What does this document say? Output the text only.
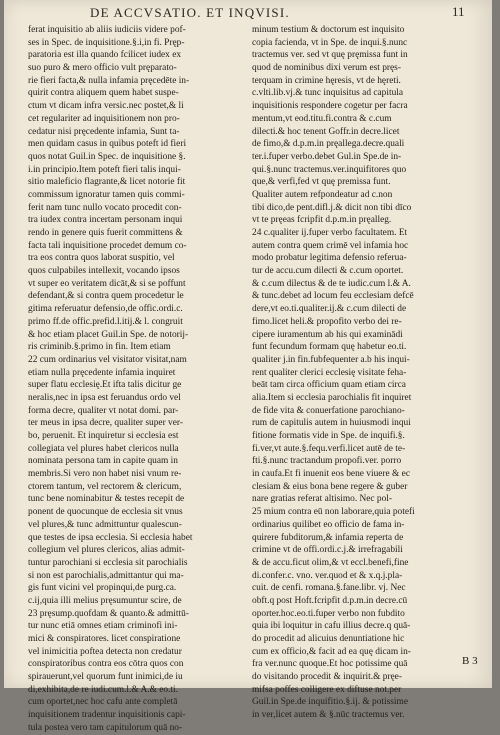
DE ACCVSATIO. ET INQVISI.	11
ferat inquisitio ab aliis iudiciis videre pof-
ses in Spec. de inquisitione.§.i,in fi. Pręp-
paratoria est illa quando fcilicet iudex ex
suo puro & mero officio vult pręparato-
rie fieri facta,& nulla infamia pręcedēte in-
quirit contra aliquem quem habet suspe-
ctum vt dicam infra versic.nec postet,& li
cet regulariter ad inquisitionem non pro-
cedatur nisi pręcedente infamia, Sunt ta-
men quidam casus in quibus poteft id fieri
quos notat Guil.in Spec. de inquisitione §.
i.in principio.Item poteft fieri talis inqui-
sitio maleficio flagrante,& licet notorie fit
commissum ignoratur tamen quis commi-
ferit nam tunc nullo vocato procedit con-
tra iudex contra incertam personam inqui
rendo in genere quis fuerit committens &
facta tali inquisitione procedet demum co-
tra eos contra quos laborat suspitio, vel
quos culpabiles intellexit, vocando ipsos
vt super eo veritatem dicāt,& si se poffunt
defendant,& si contra quem procedetur le
gitima referuatur defensio,de offic.ordi.c.
primo ff.de offic.prefid.l.itij.& l. congruit
& hoc etiam placet Guil.in Spe. de notorij-
ris criminib.§.primo in fin. Item etiam
22 cum ordinarius vel visitator visitat,nam
etiam nulla pręcedente infamia inquiret
super flatu ecclesię.Et ifta talis dicitur ge
neralis,nec in ipsa est feruandus ordo vel
forma decre, qualiter vt notat domi. par-
ter meus in ipsa decre, qualiter super ver-
bo, peruenit. Et inquiretur si ecclesia est
collegiata vel plures habet clericos nulla
nominata persona tam in capite quam in
membris.Si vero non habet nisi vnum re-
ctorem tantum, vel rectorem & clericum,
tunc bene nominabitur & testes recepit de
ponent de quocunque de ecclesia sit vnus
vel plures,& tunc admittuntur qualescun-
que testes de ipsa ecclesia. Si ecclesia habet
collegium vel plures clericos, alias admit-
tuntur parochiani si ecclesia sit parochialis
si non est parochialis,admittantur qui ma-
gis funt vicini vel propinqui,de purg.ca.
c.ij,quia illi melius pręsumuntur scire, de
23 pręsump.quofdam & quanto.& admittū-
tur nunc etiā omnes etiam criminofi ini-
mici & conspiratores. licet conspiratione
vel inimicitia poftea detecta non credatur
conspiratoribus contra eos cōtra quos con
spirauerunt,vel quorum funt inimici,de iu
di,exhibita,de re iudi.cum.l.& A.& eo.ti.
cum oportet,nec hoc cafu ante completā
inquisitionem tradentur inquisitionis capi-
tula postea vero tam capitulorum quā no-
minum testium & doctorum est inquisito
copia facienda, vt in Spe. de inqui.§.nunc
tractemus ver. sed vt quę pręmissa funt in
quod de nominibus dixi verum est pręs-
terquam in crimine hęresis, vt de hęreti.
c.vlti.lib.vj.& tunc inquisitus ad capitula
inquisitionis respondere cogetur per facra
mentum,vt eod.titu.fi.contra & c.cum
dilecti.& hoc tenent Goffr.in decre.licet
de fimo,& d.p.m.in pręallega.decre.quali
ter.i.fuper verbo.debet Gul.in Spe.de in-
qui.§.nunc tractemus.ver.inquifitores quo
que,& verfi,fed vt quę premissa funt.
Qualiter autem refpondeatur ad c.non
tibi dico,de pent.difl.j.& dicit non tibi dīco
vt te pręeas fcripfit d.p.m.in pręalleg.
24 c.qualiter ij.fuper verbo facultatem. Et
autem contra quem crimē vel infamia hoc
modo probatur legitima defensio referua-
tur de accu.cum dilecti & c.cum oportet.
& c.cum dilectus & de te iudic.cum l.& A.
& tunc.debet ad locum feu ecclesiam defcē
dere,vt eo.ti.qualiter.ij.& c.cum dilecti de
fimo.licet heli.& propofito verbo dei re-
cipere iuramentum ab his qui examinādi
funt fecundum formam quę habetur eo.ti.
qualiter j.in fin.fubfequenter a.b his inqui-
rent qualiter clerici ecclesię visitate feha-
beāt tam circa officium quam etiam circa
alia.Item si ecclesia parochialis fit inquiret
de fide vita & conuerfatione parochiano-
rum de capitulis autem in huiusmodi inqui
fitione formatis vide in Spe. de inquifi.§.
fi.ver,vt aute.§.fequ.verfi.licet autē de te-
fti.§.nunc tractandum propofi.ver. porro
in caufa.Et fi inuenit eos bene viuere & ec
clesiam & eius bona bene regere & guber
nare gratias referat altisimo. Nec pol-
25 mium contra eū non laborare,quia potefi
ordinarius quilibet eo officio de fama in-
quirere fubditorum,& infamia reperta de
crimine vt de offi.ordi.c.j.& irrefragabili
& de accu.ficut olim,& vt eccl.benefi,fine
di.confer.c. vno. ver.quod et & x.q.j.pla-
cuit. de cenfi. romana.§.fane.libr. vj. Nec
obft.q post Hoft.fcripfit d.p.m.in decre.cū
oporter.hoc.eo.ti.fuper verbo non fubdito
quia ibi loquitur in cafu illius decre.q quā-
do procedit ad alicuius denuntiatione hic
cum ex officio,& facit ad ea quę dicam in-
fra ver.nunc quoque.Et hoc potissime quā
do visitando procedit & inquirit.& pręe-
mifsa poffes colligere ex diftuse not.per
Guil.in Spe.de inquifitio.§.ij. & potissime
in ver,licet autem & §.nūc tractemus ver.
B 3
